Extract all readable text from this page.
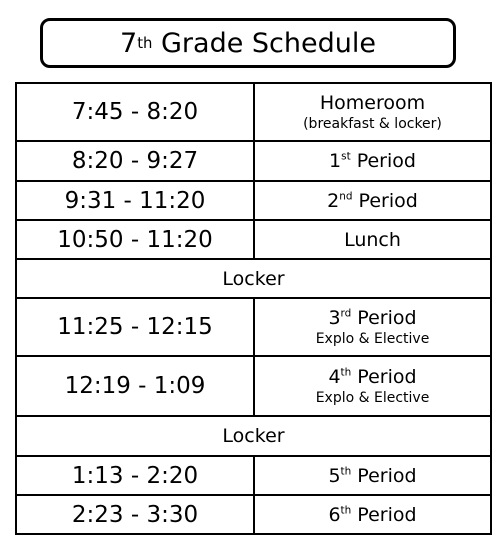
7 th Grade Schedule
7:45 - 8:20	Homeroom
(breakfast & locker)

8:20 - 9:27	1st Period
9:31 - 11:20	2nd Period
10:50 - 11:20	Lunch
Locker	
11:25 - 12:15	3rd Period
Explo & Elective

12:19 - 1:09	4th Period
Explo & Elective

Locker	
1:13 - 2:20	5th Period
2:23 - 3:30	6th Period
